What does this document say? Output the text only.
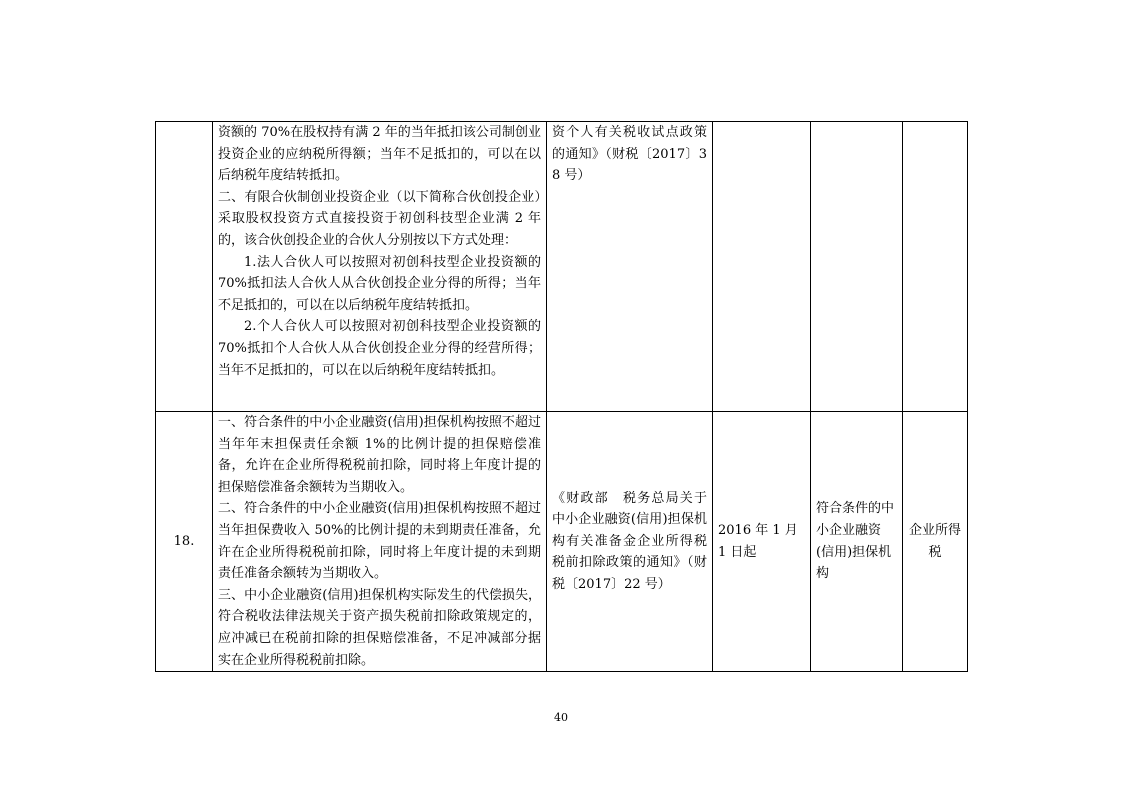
	资额的 70%在股权持有满 2 年的当年抵扣该公司制创业投资企业的应纳税所得额；当年不足抵扣的，可以在以后纳税年度结转抵扣。
二、有限合伙制创业投资企业（以下简称合伙创投企业）采取股权投资方式直接投资于初创科技型企业满 2 年的，该合伙创投企业的合伙人分别按以下方式处理：
1.法人合伙人可以按照对初创科技型企业投资额的 70%抵扣法人合伙人从合伙创投企业分得的所得；当年不足抵扣的，可以在以后纳税年度结转抵扣。
2.个人合伙人可以按照对初创科技型企业投资额的 70%抵扣个人合伙人从合伙创投企业分得的经营所得；当年不足抵扣的，可以在以后纳税年度结转抵扣。	资个人有关税收试点政策的通知》（财税〔2017〕38 号）			

18.	一、符合条件的中小企业融资(信用)担保机构按照不超过当年年末担保责任余额 1%的比例计提的担保赔偿准备，允许在企业所得税税前扣除，同时将上年度计提的担保赔偿准备余额转为当期收入。
二、符合条件的中小企业融资(信用)担保机构按照不超过当年担保费收入 50%的比例计提的未到期责任准备，允许在企业所得税税前扣除，同时将上年度计提的未到期责任准备余额转为当期收入。
三、中小企业融资(信用)担保机构实际发生的代偿损失，符合税收法律法规关于资产损失税前扣除政策规定的，应冲减已在税前扣除的担保赔偿准备，不足冲减部分据实在企业所得税税前扣除。	《财政部　税务总局关于中小企业融资(信用)担保机构有关准备金企业所得税税前扣除政策的通知》（财税〔2017〕22 号）	2016 年 1 月 1 日起	符合条件的中小企业融资(信用)担保机构	企业所得税
40
